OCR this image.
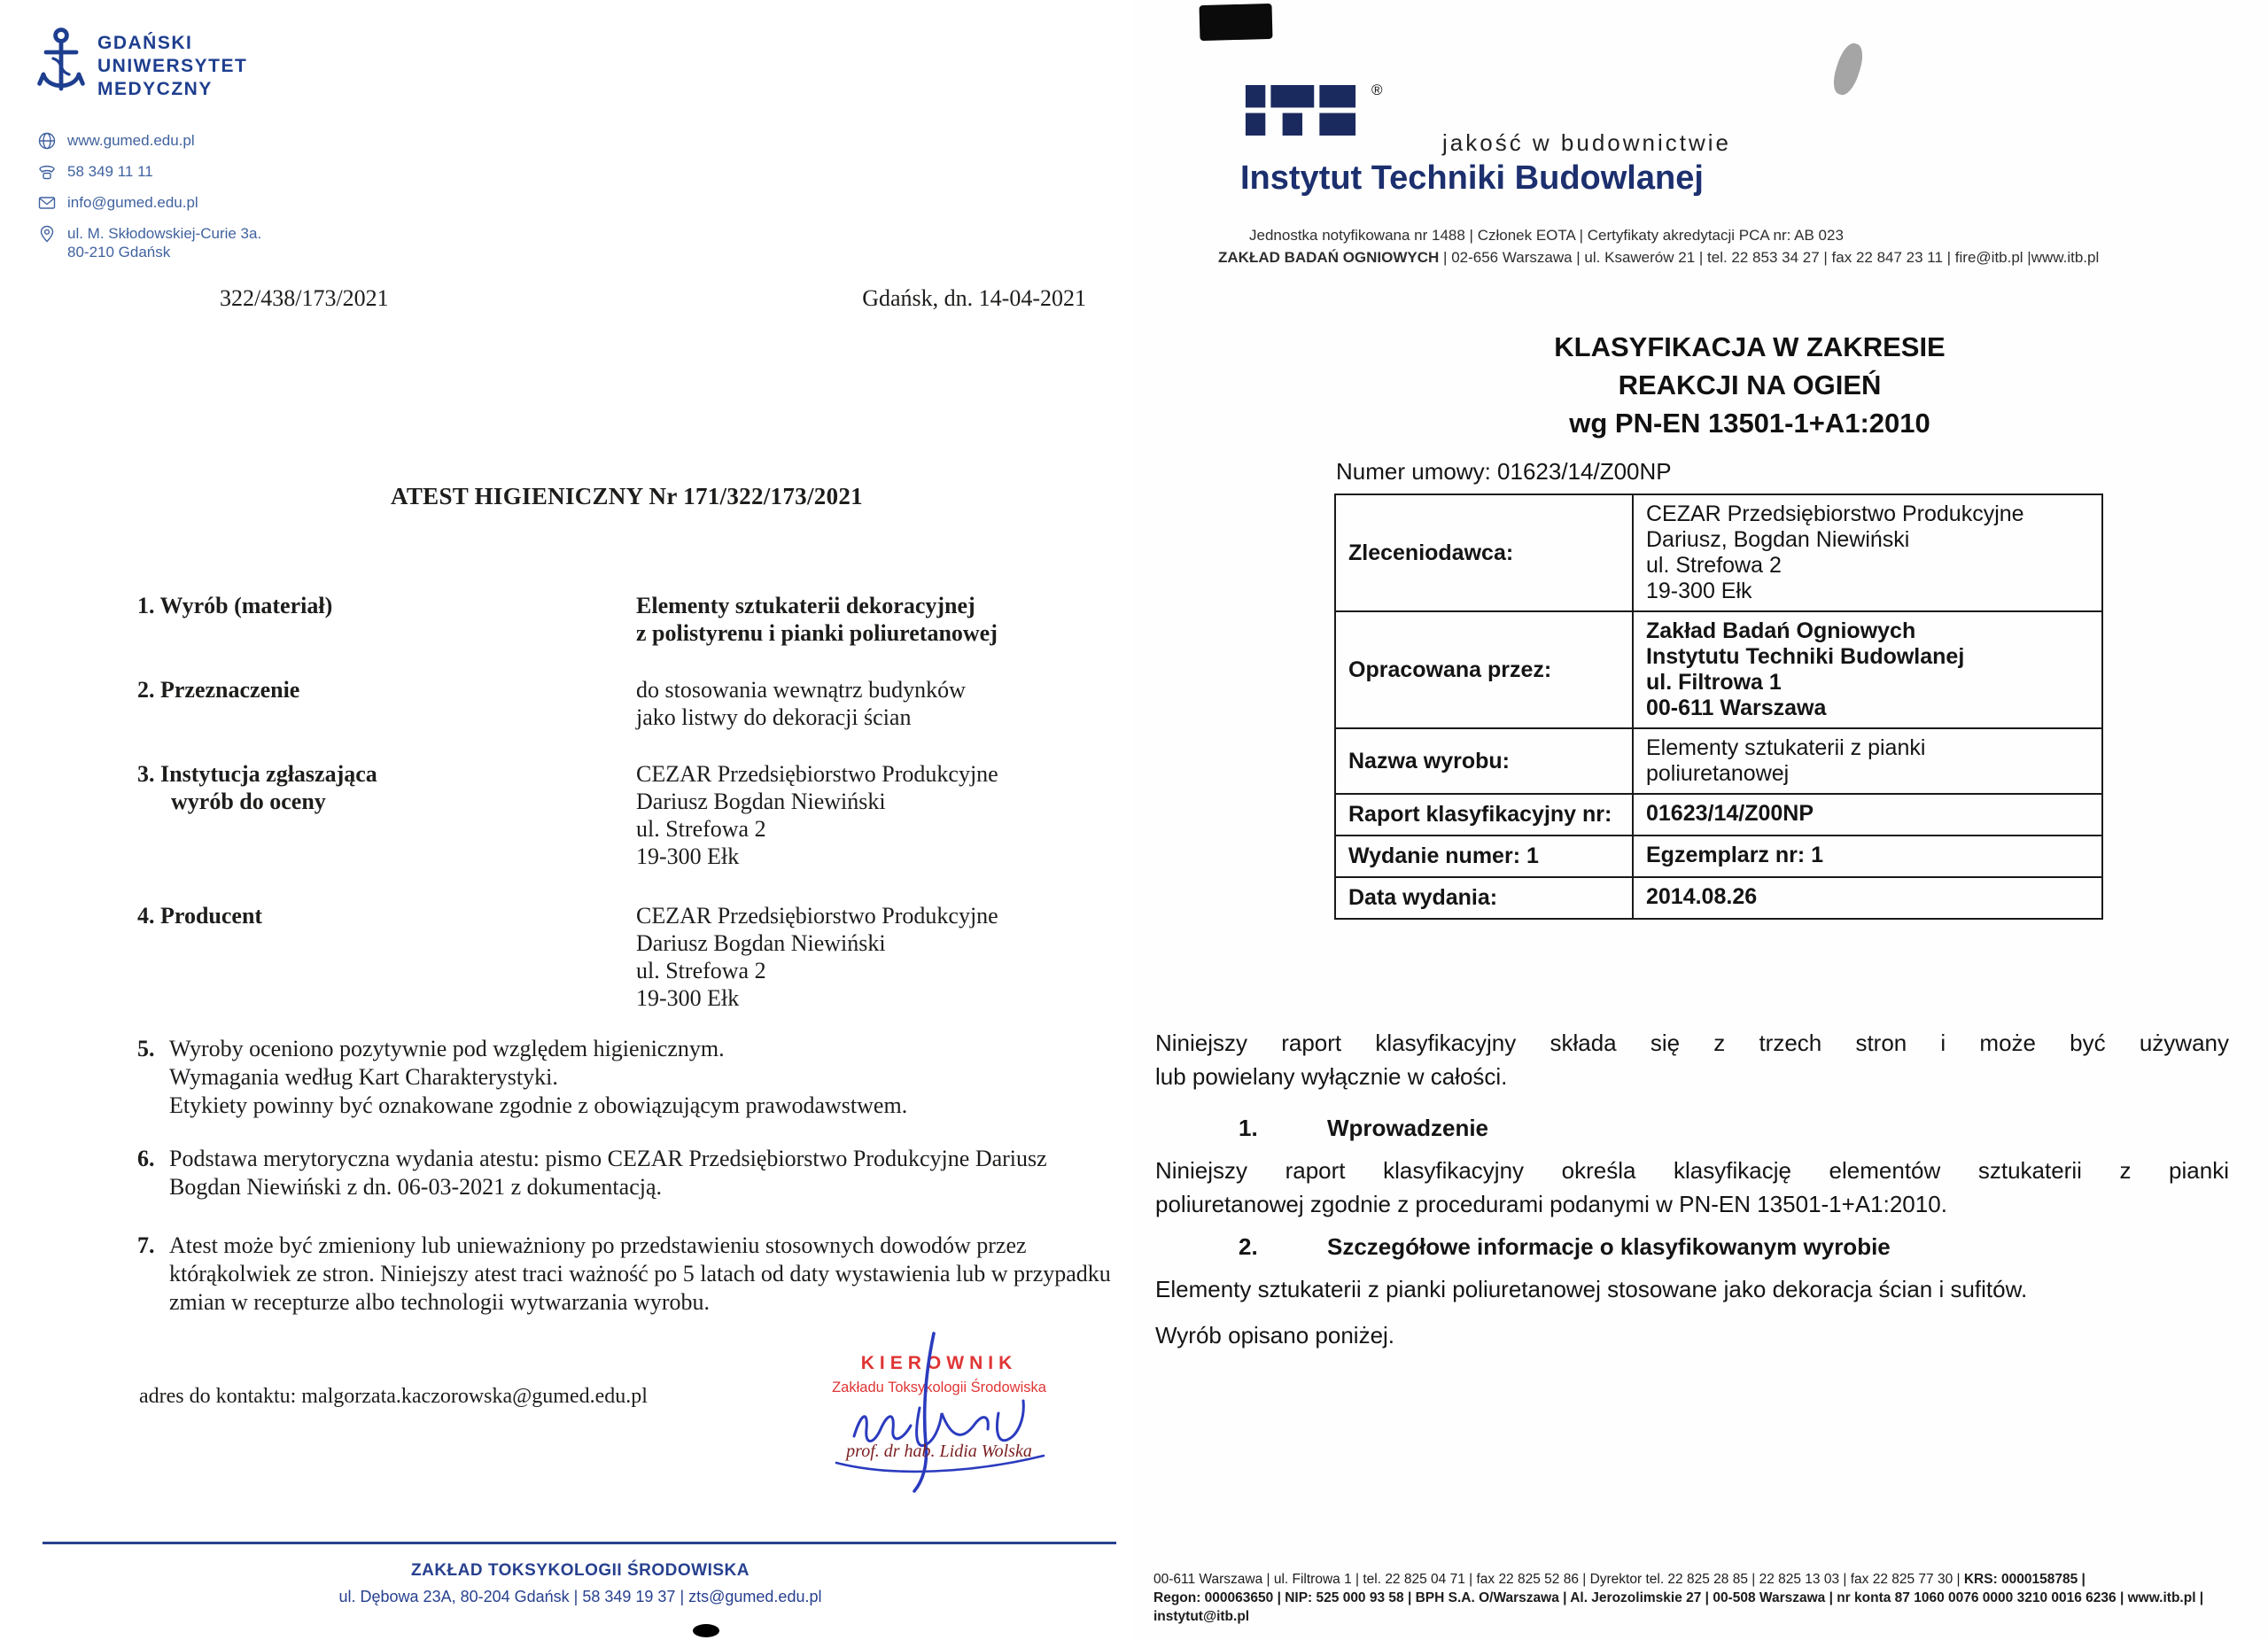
GDAŃSKI
UNIWERSYTET
MEDYCZNY
www.gumed.edu.pl
58 349 11 11
info@gumed.edu.pl
ul. M. Skłodowskiej-Curie 3a.
80-210 Gdańsk
322/438/173/2021	Gdańsk, dn. 14-04-2021
ATEST HIGIENICZNY Nr 171/322/173/2021
1. Wyrób (materiał)	Elementy sztukaterii dekoracyjnej
z polistyrenu i pianki poliuretanowej
2. Przeznaczenie	do stosowania wewnątrz budynków
jako listwy do dekoracji ścian
3. Instytucja zgłaszająca
wyrób do oceny
CEZAR Przedsiębiorstwo Produkcyjne
Dariusz Bogdan Niewiński
ul. Strefowa 2
19-300 Ełk
4. Producent	CEZAR Przedsiębiorstwo Produkcyjne
Dariusz Bogdan Niewiński
ul. Strefowa 2
19-300 Ełk
5. Wyroby oceniono pozytywnie pod względem higienicznym.
Wymagania według Kart Charakterystyki.
Etykiety powinny być oznakowane zgodnie z obowiązującym prawodawstwem.
6. Podstawa merytoryczna wydania atestu: pismo CEZAR Przedsiębiorstwo Produkcyjne Dariusz
Bogdan Niewiński z dn. 06-03-2021 z dokumentacją.
7. Atest może być zmieniony lub unieważniony po przedstawieniu stosownych dowodów przez
którąkolwiek ze stron. Niniejszy atest traci ważność po 5 latach od daty wystawienia lub w przypadku
zmian w recepturze albo technologii wytwarzania wyrobu.
adres do kontaktu: malgorzata.kaczorowska@gumed.edu.pl
KIEROWNIK
Zakładu Toksykologii Środowiska
prof. dr hab. Lidia Wolska
ZAKŁAD TOKSYKOLOGII ŚRODOWISKA
ul. Dębowa 23A, 80-204 Gdańsk | 58 349 19 37 | zts@gumed.edu.pl
®
jakość w budownictwie
Instytut Techniki Budowlanej
Jednostka notyfikowana nr 1488 | Członek EOTA | Certyfikaty akredytacji PCA nr: AB 023
ZAKŁAD BADAŃ OGNIOWYCH | 02-656 Warszawa | ul. Ksawerów 21 | tel. 22 853 34 27 | fax 22 847 23 11 | fire@itb.pl |www.itb.pl
KLASYFIKACJA W ZAKRESIE
REAKCJI NA OGIEŃ
wg PN-EN 13501-1+A1:2010
Numer umowy: 01623/14/Z00NP
Zleceniodawca:
CEZAR Przedsiębiorstwo Produkcyjne
Dariusz, Bogdan Niewiński
ul. Strefowa 2
19-300 Ełk
Opracowana przez:
Zakład Badań Ogniowych
Instytutu Techniki Budowlanej
ul. Filtrowa 1
00-611 Warszawa
Nazwa wyrobu:
Elementy sztukaterii z pianki
poliuretanowej
Raport klasyfikacyjny nr:	01623/14/Z00NP
Wydanie numer: 1	Egzemplarz nr: 1
Data wydania:	2014.08.26
Niniejszy raport klasyfikacyjny składa się z trzech stron i może być używany
lub powielany wyłącznie w całości.
1.	Wprowadzenie
Niniejszy raport klasyfikacyjny określa klasyfikację elementów sztukaterii z pianki
poliuretanowej zgodnie z procedurami podanymi w PN-EN 13501-1+A1:2010.
2.	Szczegółowe informacje o klasyfikowanym wyrobie
Elementy sztukaterii z pianki poliuretanowej stosowane jako dekoracja ścian i sufitów.
Wyrób opisano poniżej.
00-611 Warszawa | ul. Filtrowa 1 | tel. 22 825 04 71 | fax 22 825 52 86 | Dyrektor tel. 22 825 28 85 | 22 825 13 03 | fax 22 825 77 30 | KRS: 0000158785 |
Regon: 000063650 | NIP: 525 000 93 58 | BPH S.A. O/Warszawa | Al. Jerozolimskie 27 | 00-508 Warszawa | nr konta 87 1060 0076 0000 3210 0016 6236 | www.itb.pl |
instytut@itb.pl
